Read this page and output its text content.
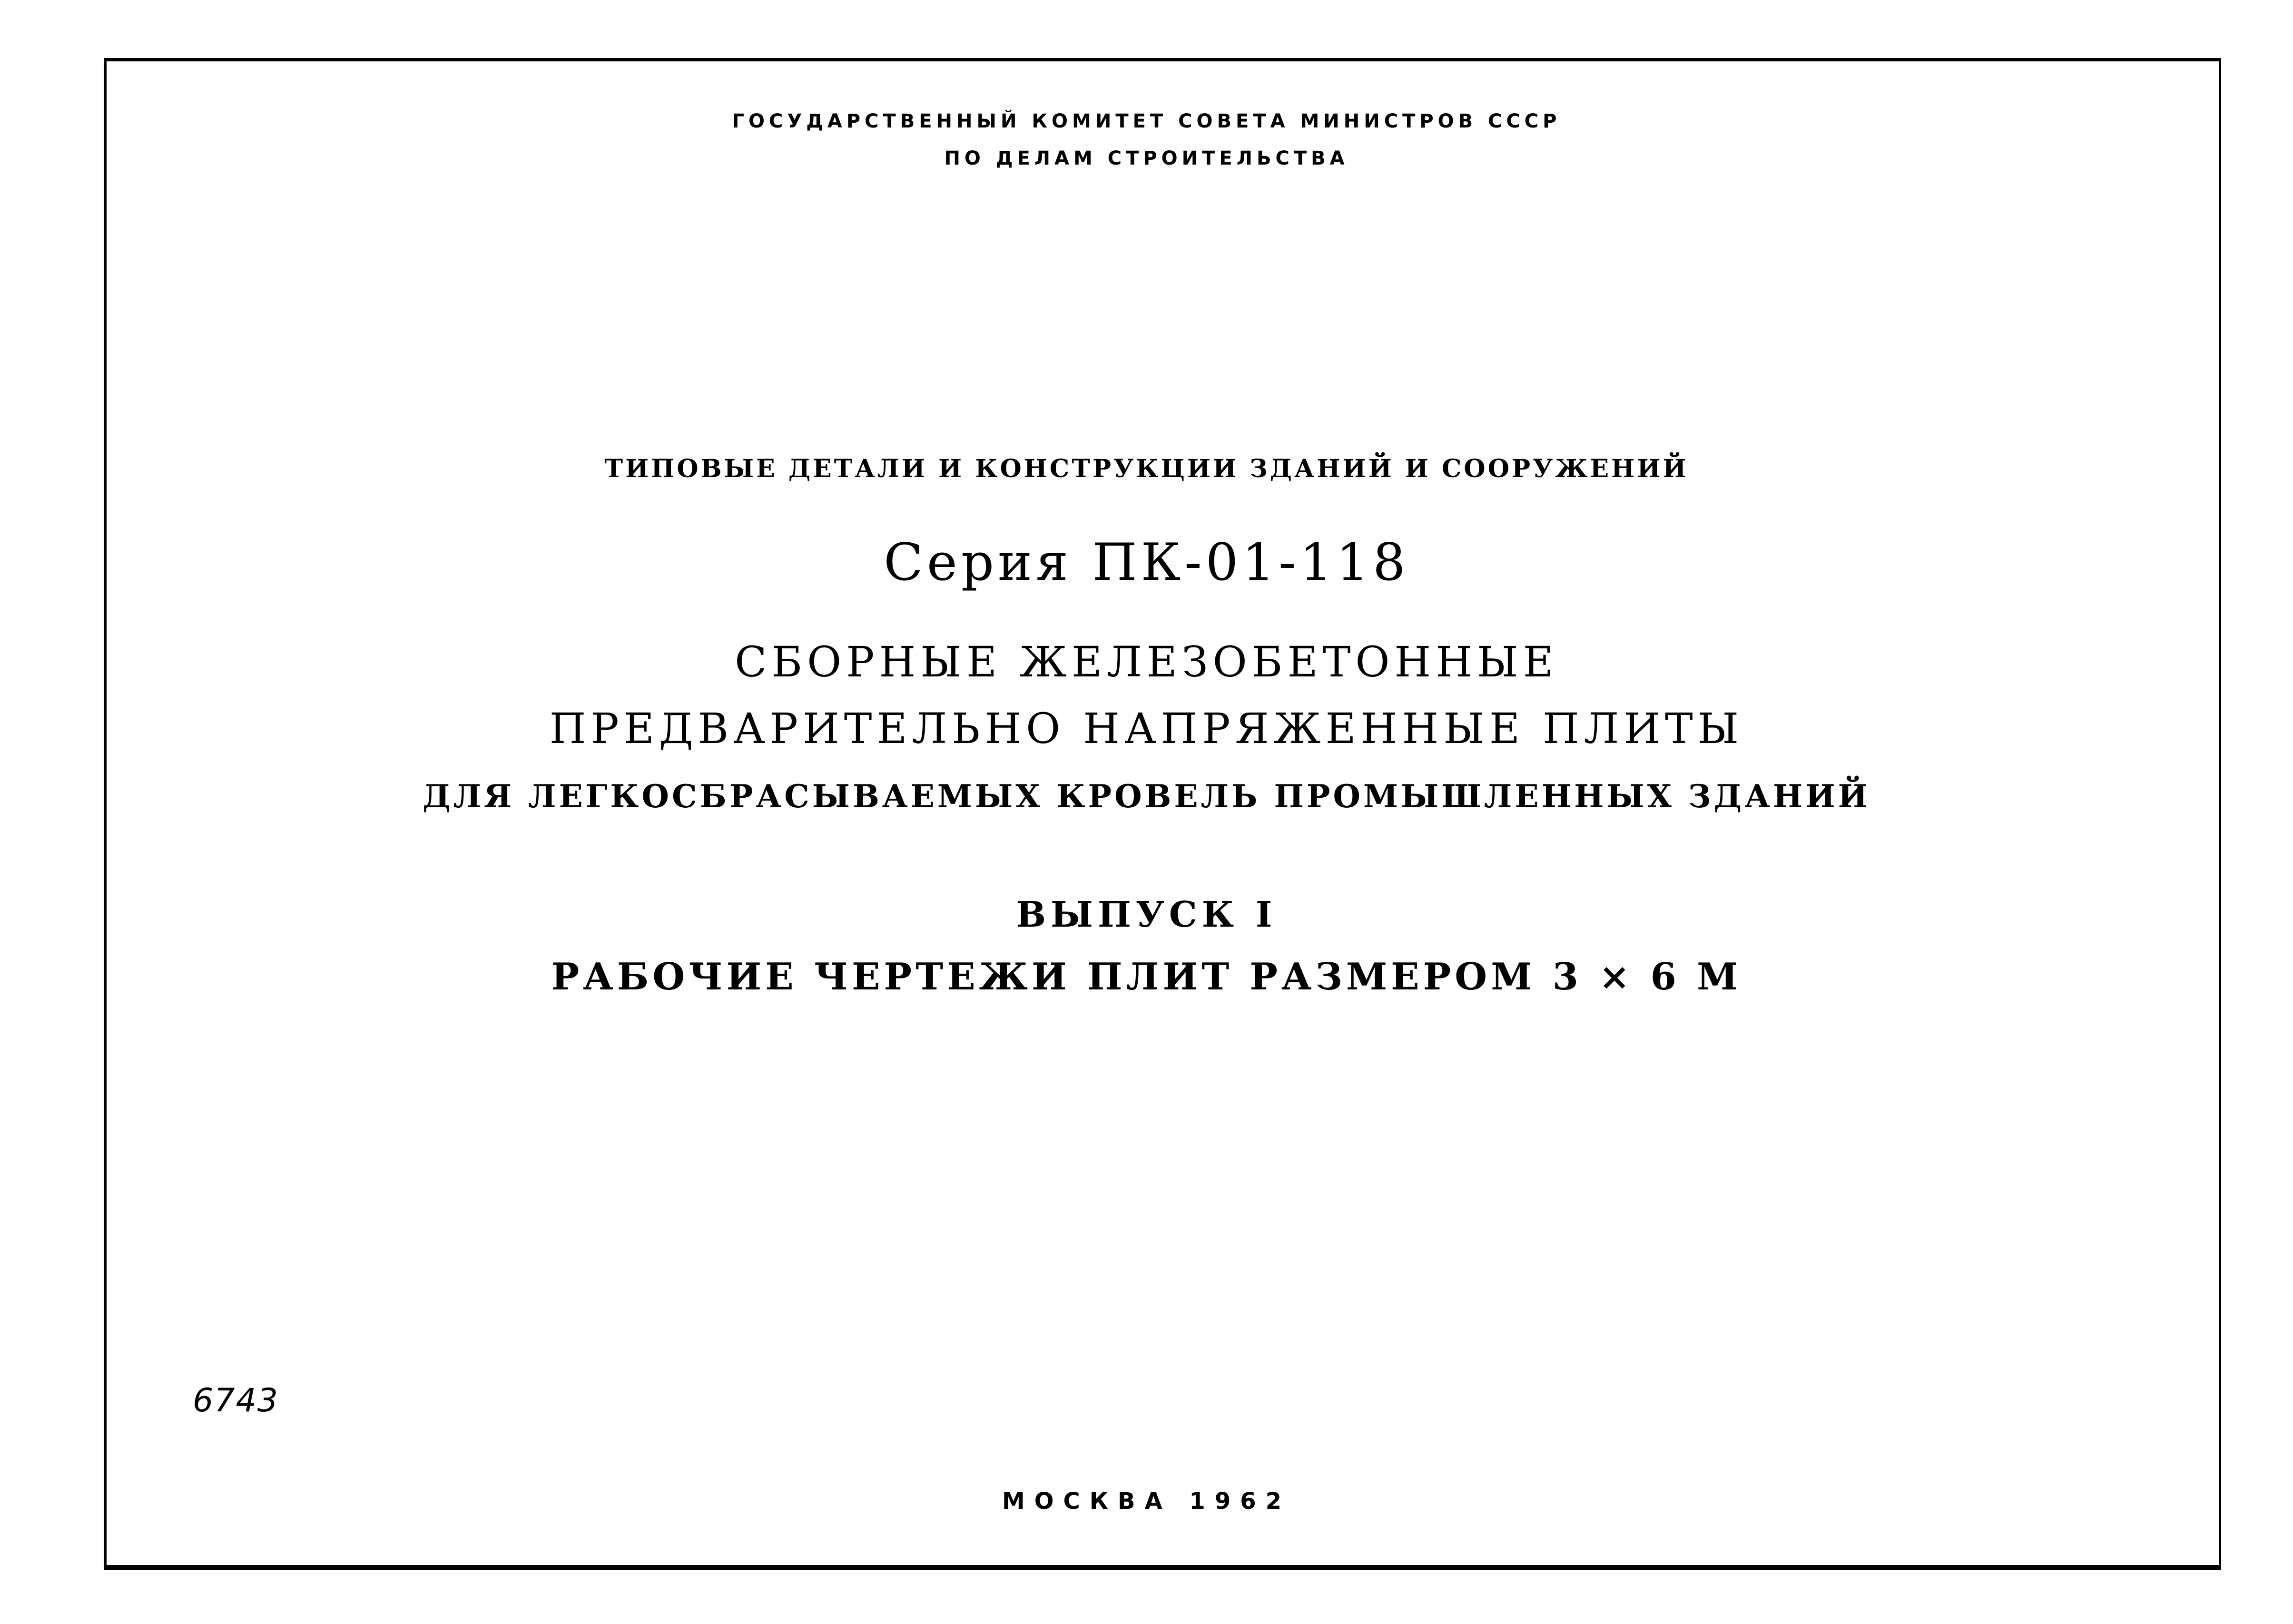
ГОСУДАРСТВЕННЫЙ КОМИТЕТ СОВЕТА МИНИСТРОВ СССР
ПО ДЕЛАМ СТРОИТЕЛЬСТВА
ТИПОВЫЕ ДЕТАЛИ И КОНСТРУКЦИИ ЗДАНИЙ И СООРУЖЕНИЙ
Серия ПК-01-118
СБОРНЫЕ ЖЕЛЕЗОБЕТОННЫЕ
ПРЕДВАРИТЕЛЬНО НАПРЯЖЕННЫЕ ПЛИТЫ
ДЛЯ ЛЕГКОСБРАСЫВАЕМЫХ КРОВЕЛЬ ПРОМЫШЛЕННЫХ ЗДАНИЙ
ВЫПУСК I
РАБОЧИЕ ЧЕРТЕЖИ ПЛИТ РАЗМЕРОМ 3 × 6 М
6743
МОСКВА 1962
